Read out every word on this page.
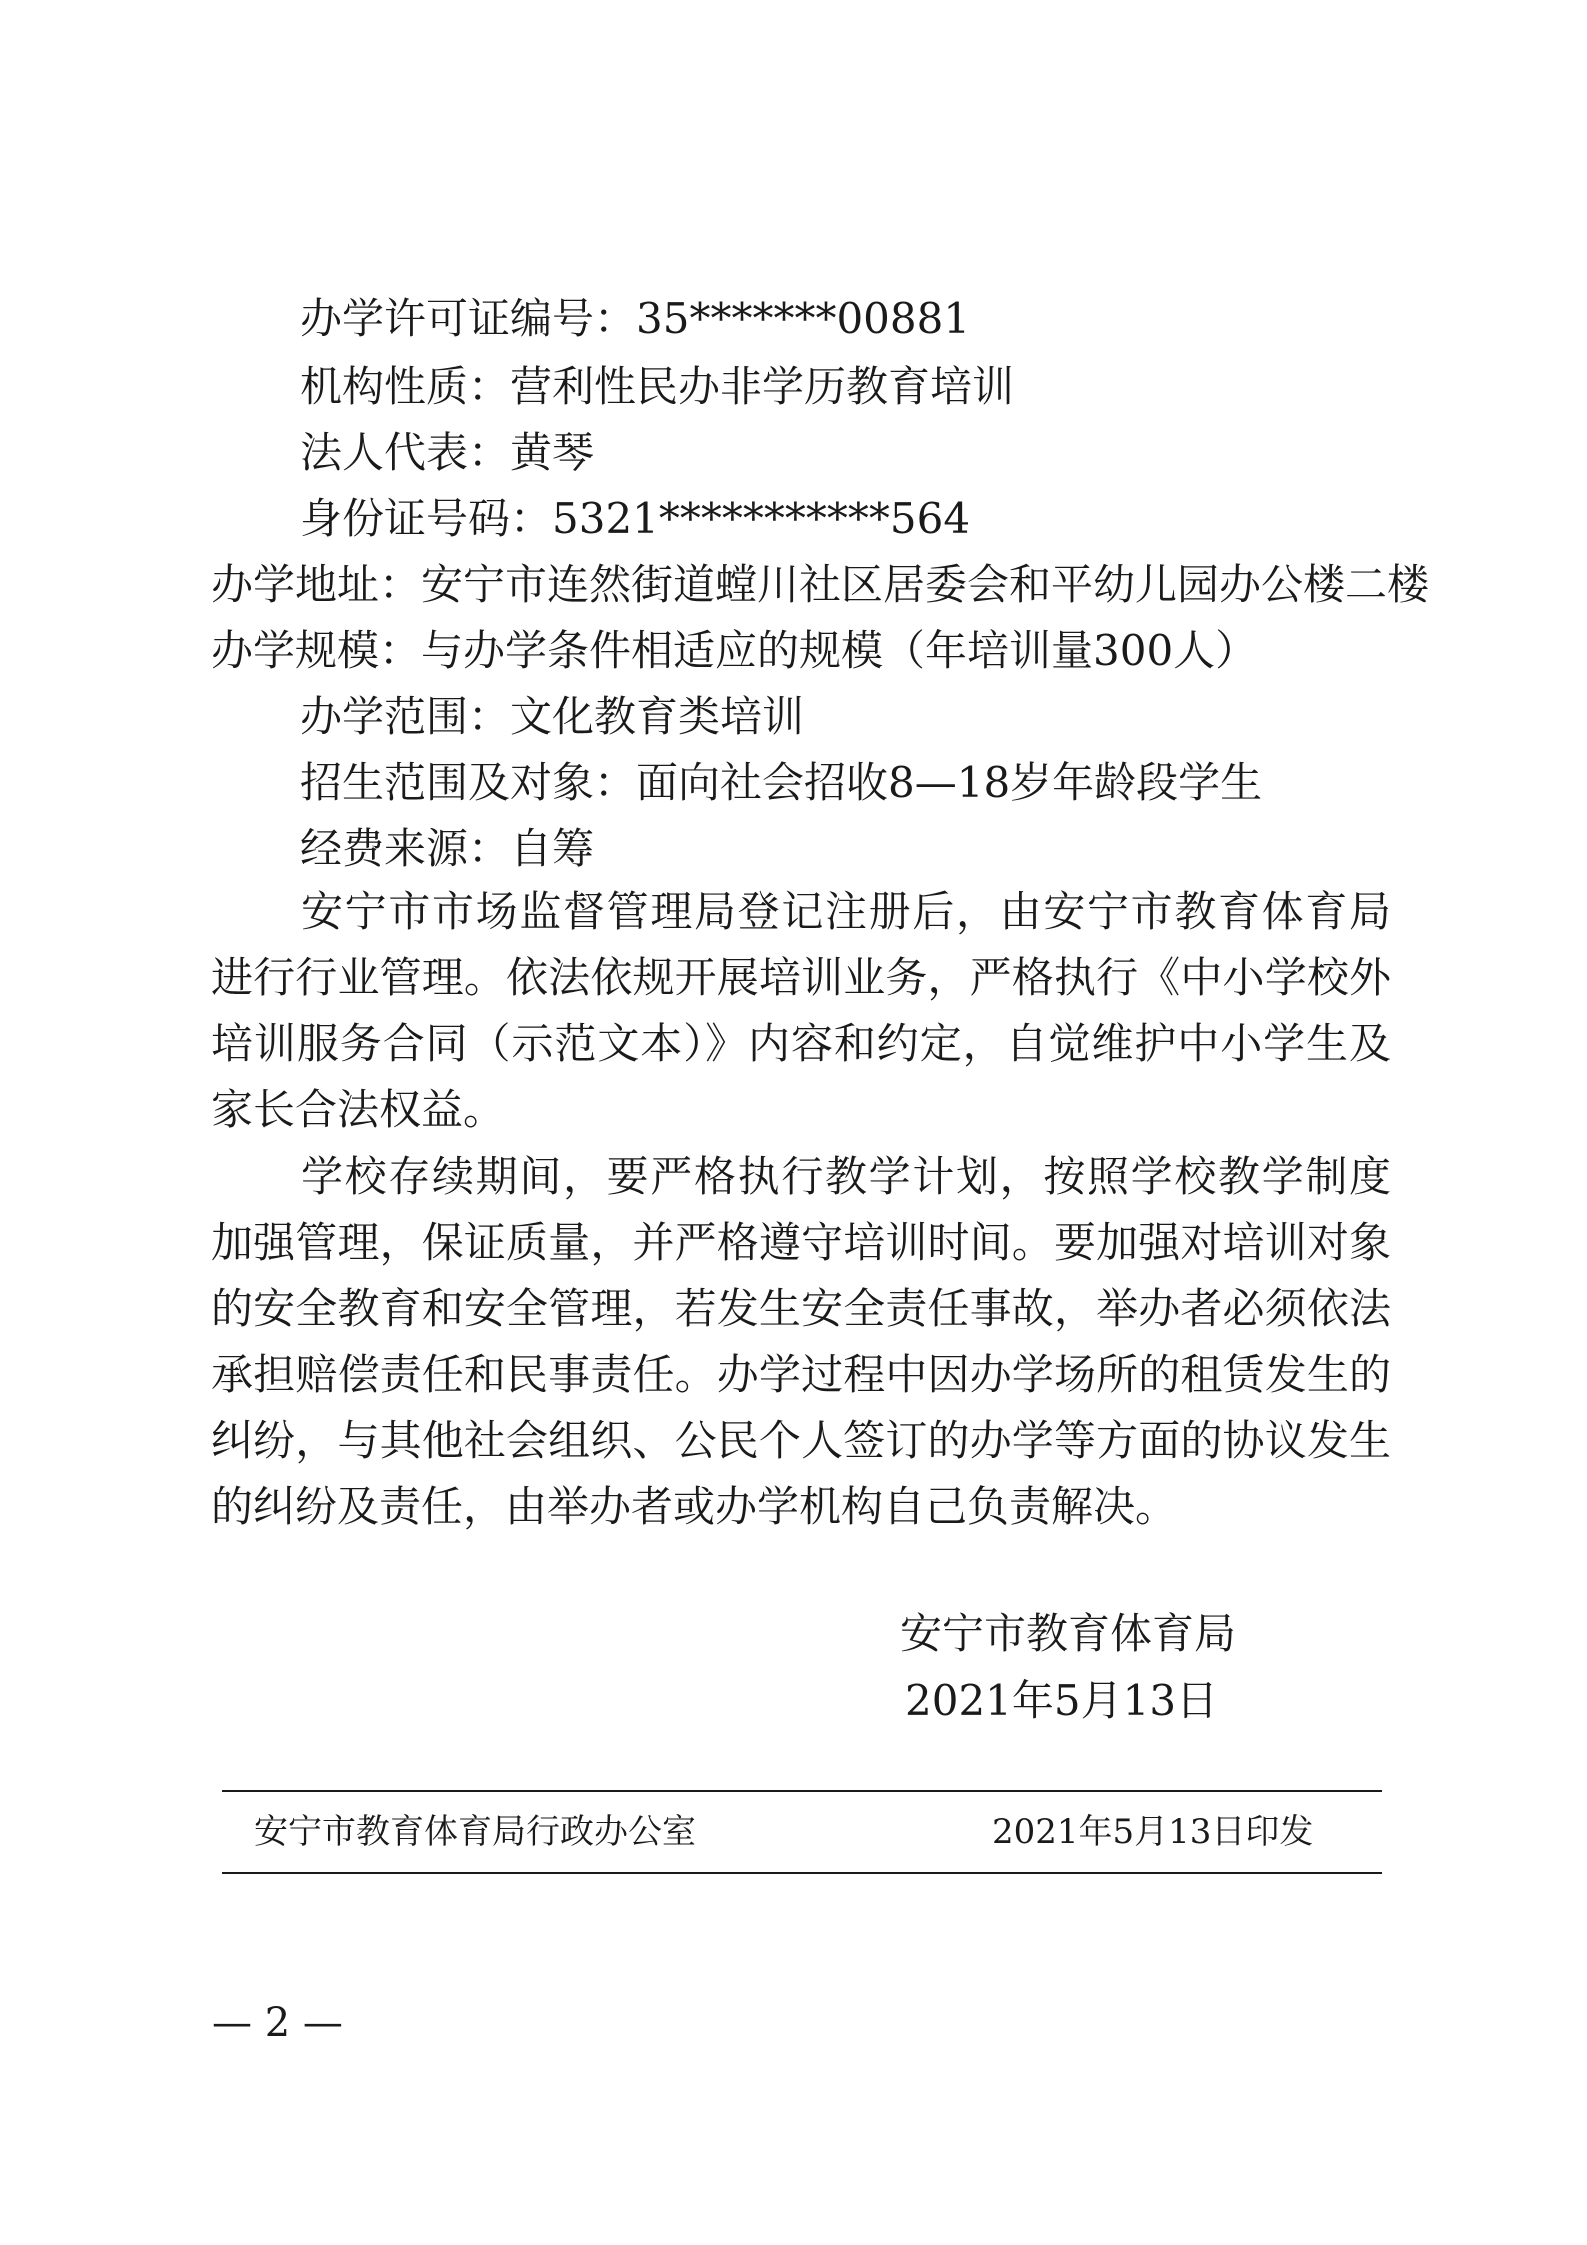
办学许可证编号：35*******00881
机构性质：营利性民办非学历教育培训
法人代表：黄琴
身份证号码：5321***********564
办学地址：安宁市连然街道螳川社区居委会和平幼儿园办公楼二楼
办学规模：与办学条件相适应的规模（年培训量300人）
办学范围：文化教育类培训
招生范围及对象：面向社会招收8—18岁年龄段学生
经费来源：自筹

安宁市市场监督管理局登记注册后，由安宁市教育体育局进行行业管理。依法依规开展培训业务，严格执行《中小学校外培训服务合同（示范文本）》内容和约定，自觉维护中小学生及家长合法权益。

学校存续期间，要严格执行教学计划，按照学校教学制度加强管理，保证质量，并严格遵守培训时间。要加强对培训对象的安全教育和安全管理，若发生安全责任事故，举办者必须依法承担赔偿责任和民事责任。办学过程中因办学场所的租赁发生的纠纷，与其他社会组织、公民个人签订的办学等方面的协议发生的纠纷及责任，由举办者或办学机构自己负责解决。

安宁市教育体育局
2021年5月13日
安宁市教育体育局行政办公室	2021年5月13日印发
— 2 —
